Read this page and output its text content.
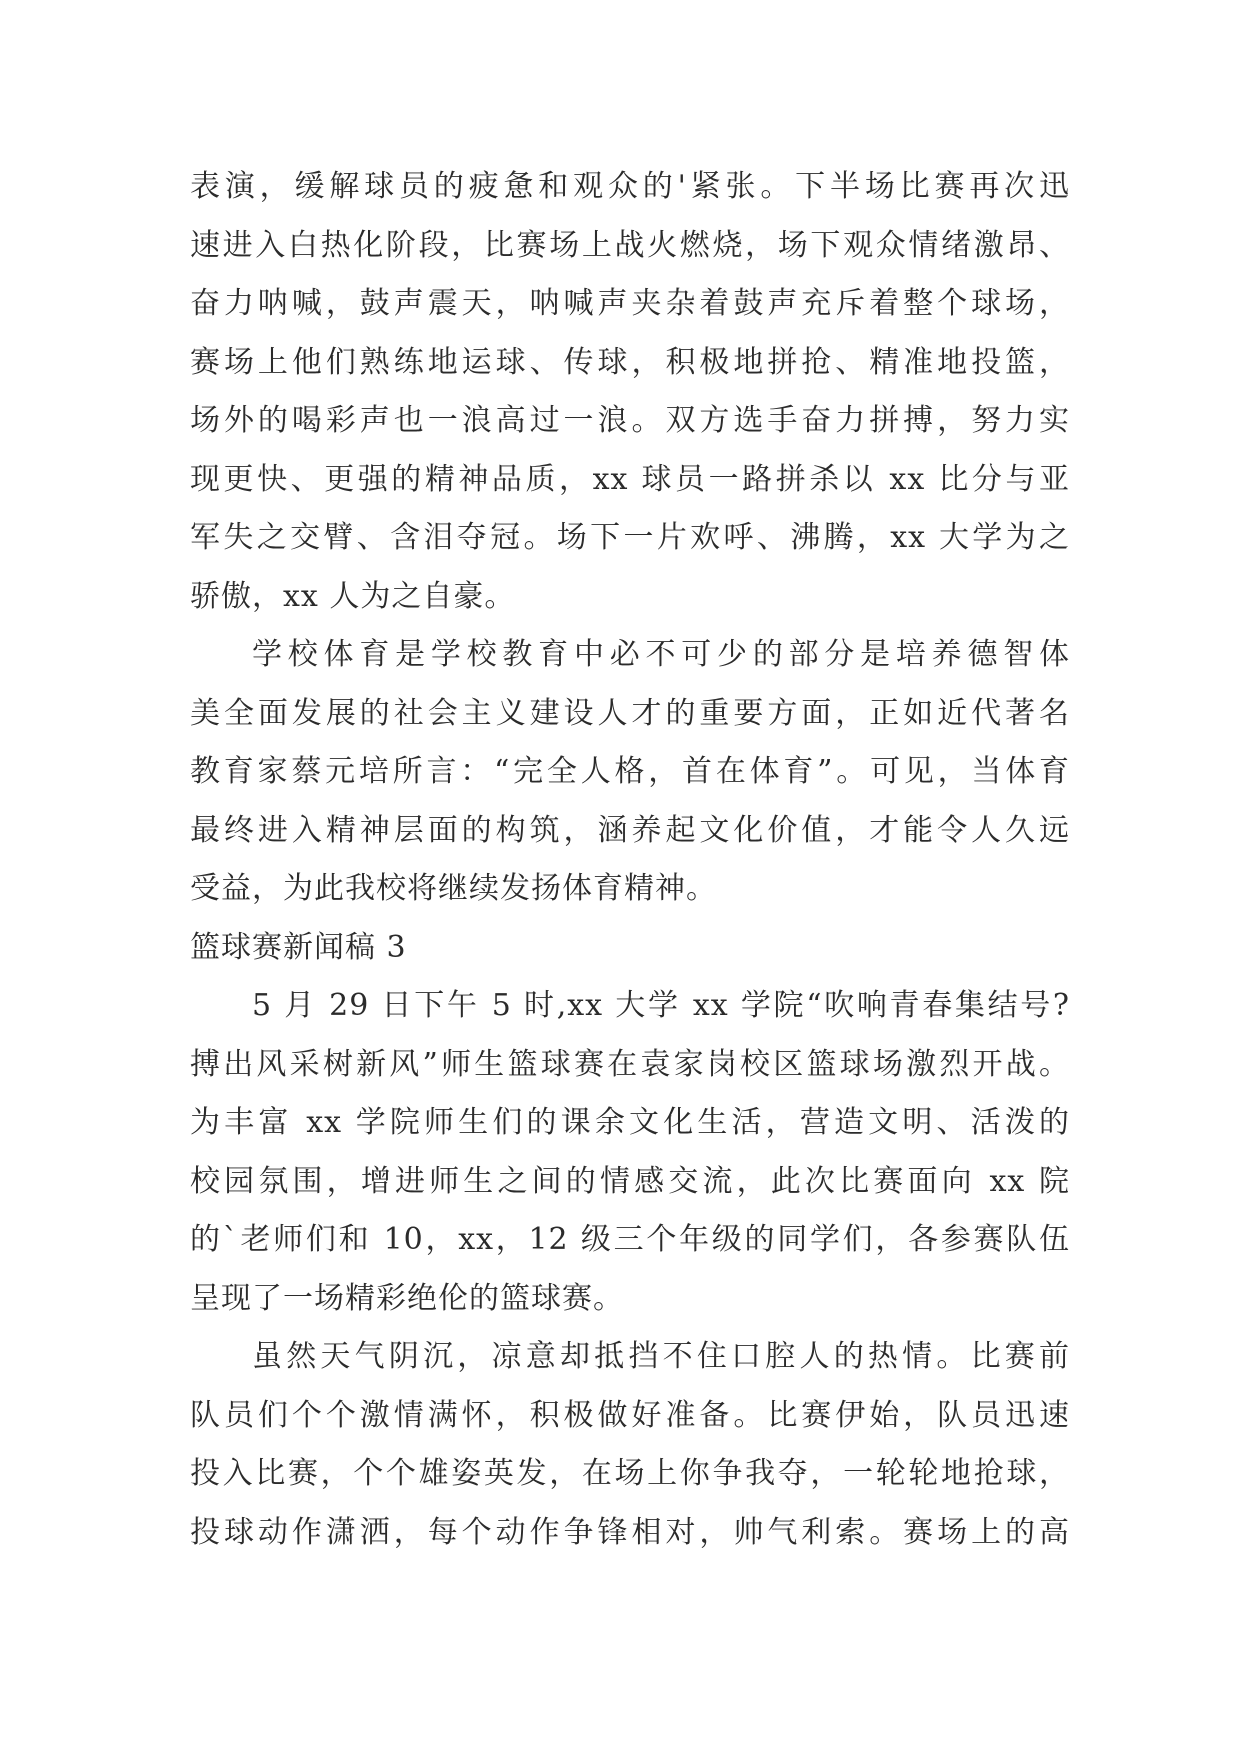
表演，缓解球员的疲惫和观众的'紧张。下半场比赛再次迅
速进入白热化阶段，比赛场上战火燃烧，场下观众情绪激昂、
奋力呐喊，鼓声震天，呐喊声夹杂着鼓声充斥着整个球场，
赛场上他们熟练地运球、传球，积极地拼抢、精准地投篮，
场外的喝彩声也一浪高过一浪。双方选手奋力拼搏，努力实
现更快、更强的精神品质，xx 球员一路拼杀以 xx 比分与亚
军失之交臂、含泪夺冠。场下一片欢呼、沸腾，xx 大学为之
骄傲，xx 人为之自豪。
学校体育是学校教育中必不可少的部分是培养德智体
美全面发展的社会主义建设人才的重要方面，正如近代著名
教育家蔡元培所言：“完全人格，首在体育”。可见，当体育
最终进入精神层面的构筑，涵养起文化价值，才能令人久远
受益，为此我校将继续发扬体育精神。
篮球赛新闻稿 3
5 月 29 日下午 5 时,xx 大学 xx 学院“吹响青春集结号?
搏出风采树新风”师生篮球赛在袁家岗校区篮球场激烈开战。
为丰富 xx 学院师生们的课余文化生活，营造文明、活泼的
校园氛围，增进师生之间的情感交流，此次比赛面向 xx 院
的`老师们和 10，xx，12 级三个年级的同学们，各参赛队伍
呈现了一场精彩绝伦的篮球赛。
虽然天气阴沉，凉意却抵挡不住口腔人的热情。比赛前
队员们个个激情满怀，积极做好准备。比赛伊始，队员迅速
投入比赛，个个雄姿英发，在场上你争我夺，一轮轮地抢球，
投球动作潇洒，每个动作争锋相对，帅气利索。赛场上的高
